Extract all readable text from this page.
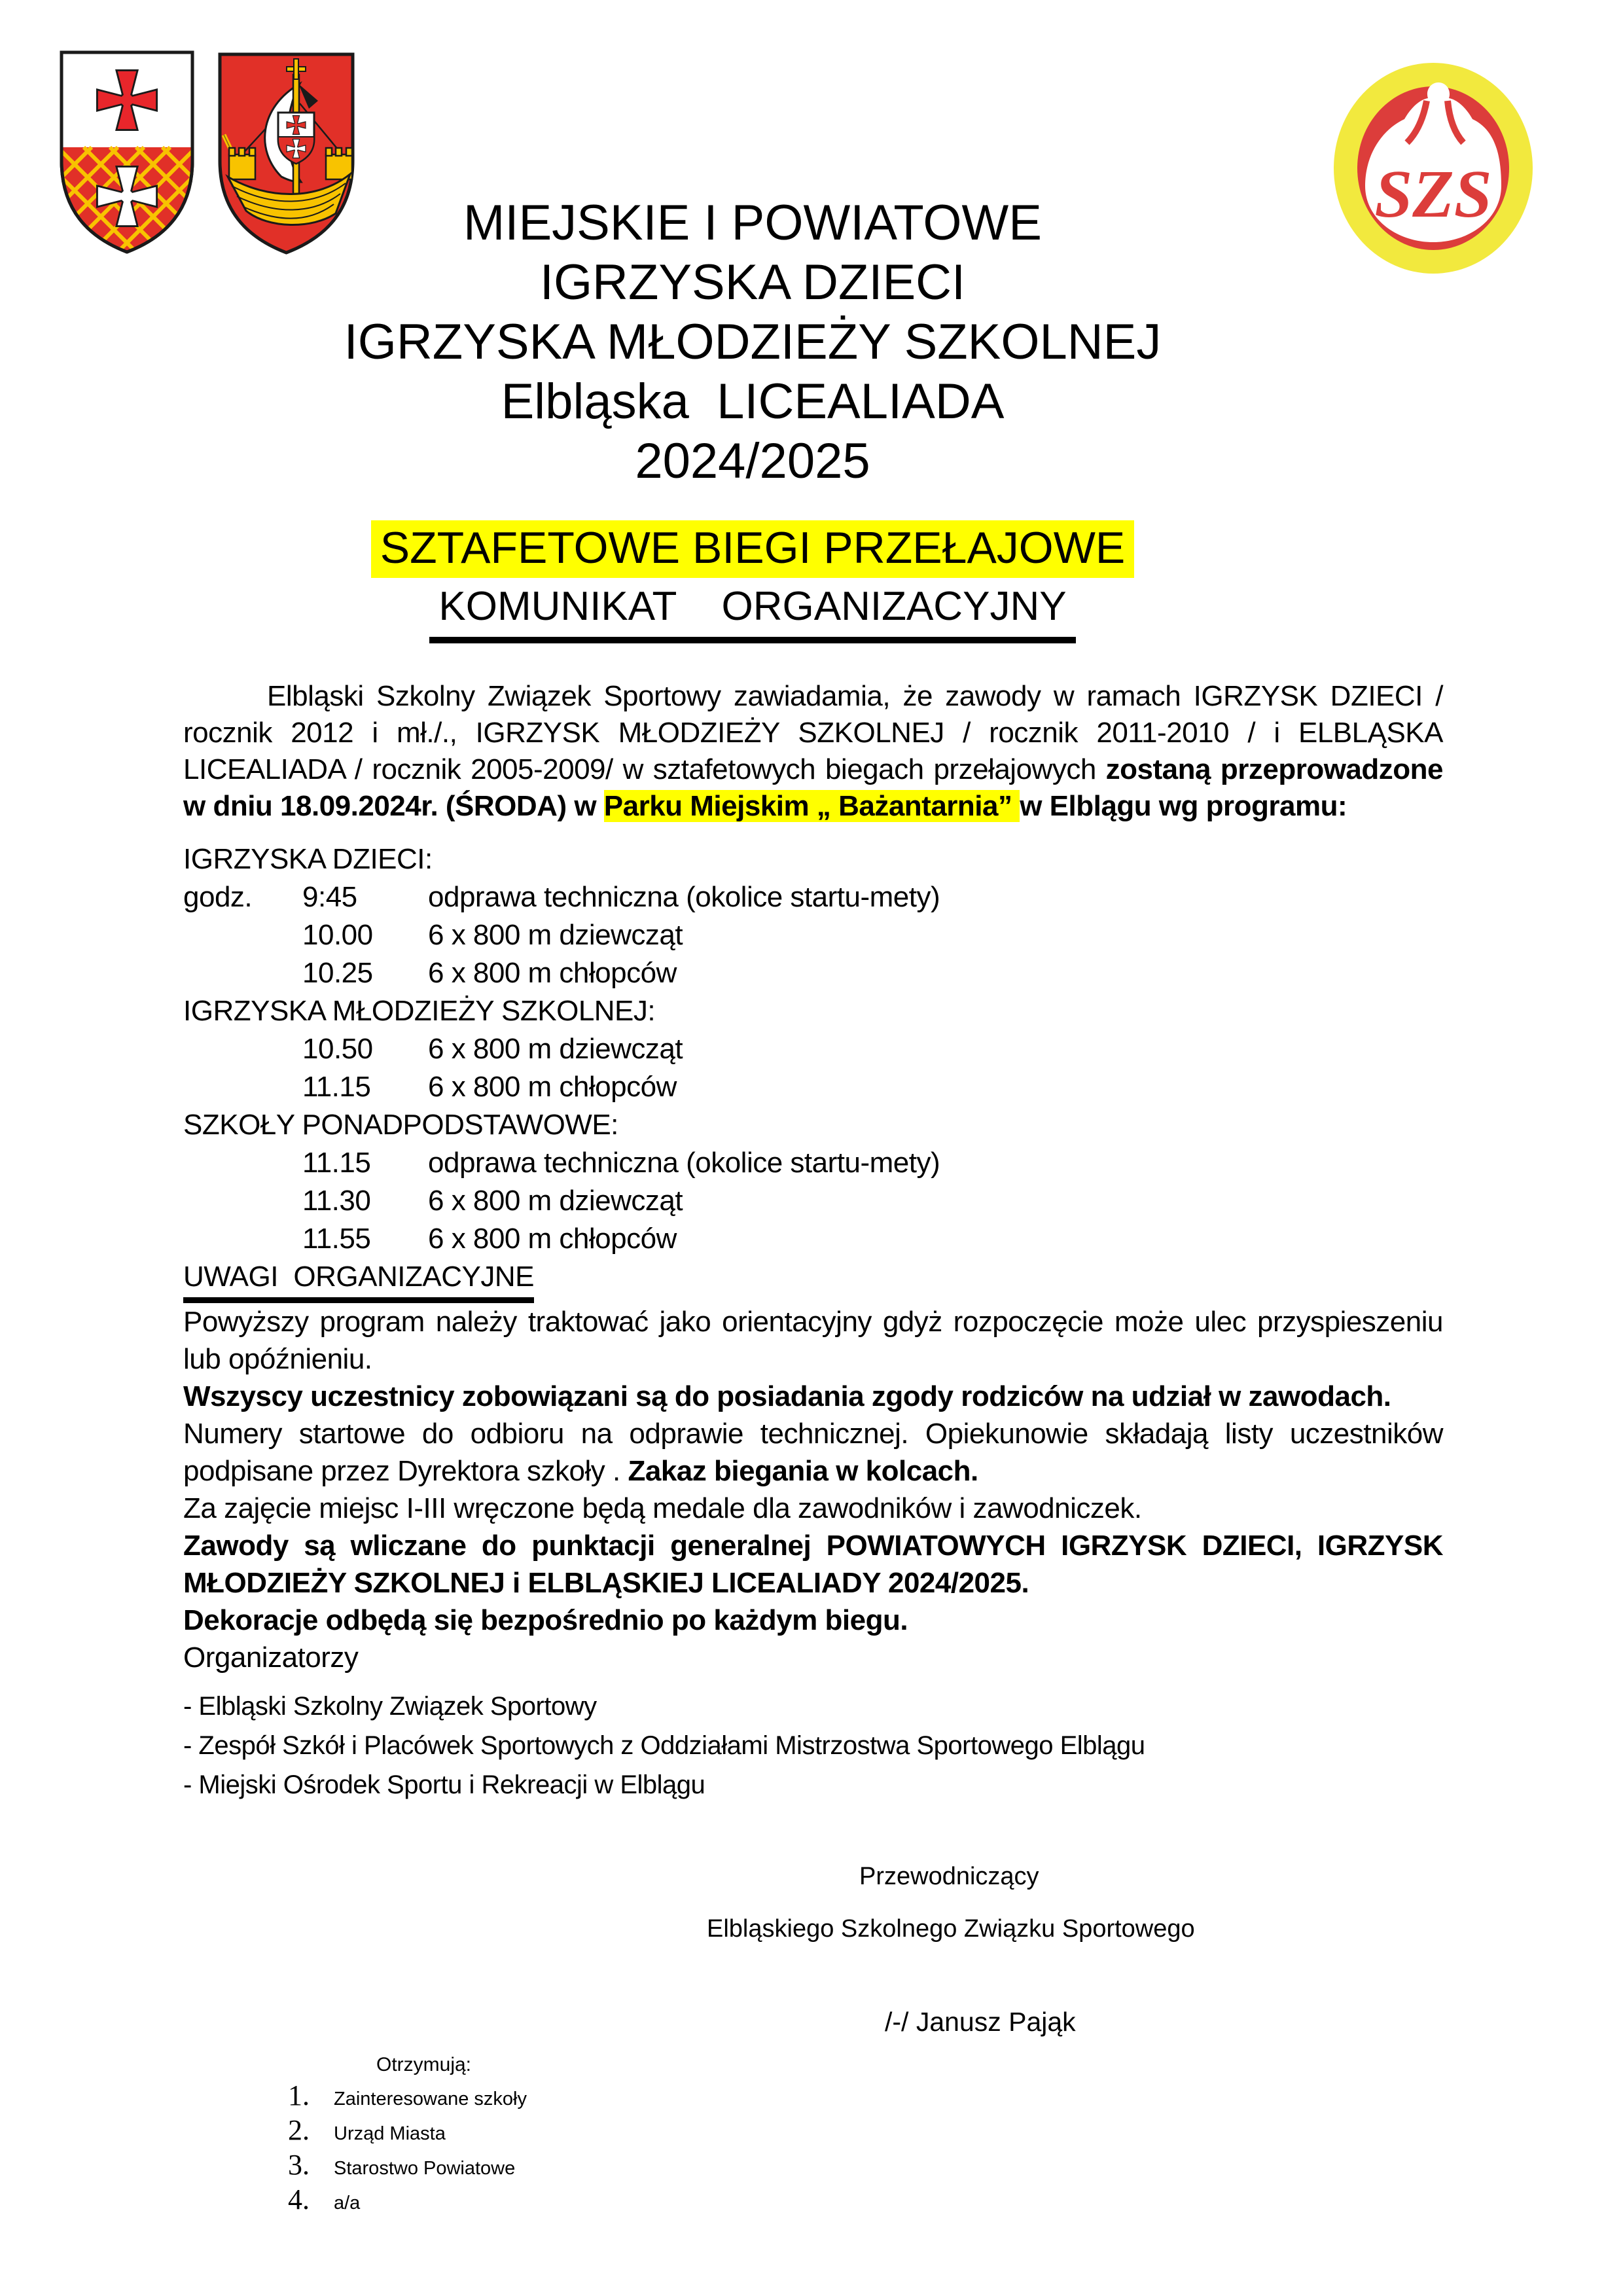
SZS
MIEJSKIE I POWIATOWE
IGRZYSKA DZIECI
IGRZYSKA MŁODZIEŻY SZKOLNEJ
Elbląska  LICEALIADA
2024/2025
SZTAFETOWE BIEGI PRZEŁAJOWE
KOMUNIKAT ORGANIZACYJNY

Elbląski Szkolny Związek Sportowy zawiadamia, że zawody w ramach IGRZYSK DZIECI / rocznik 2012 i mł./., IGRZYSK MŁODZIEŻY SZKOLNEJ / rocznik 2011-2010 / i ELBLĄSKA LICEALIADA / rocznik 2005-2009/ w sztafetowych biegach przełajowych zostaną przeprowadzone w dniu 18.09.2024r. (ŚRODA) w Parku Miejskim „ Bażantarnia” w Elblągu wg programu:

IGRZYSKA DZIECI:
godz.	9:45	odprawa techniczna (okolice startu-mety)
10.00	6 x 800 m dziewcząt
10.25	6 x 800 m chłopców
IGRZYSKA MŁODZIEŻY SZKOLNEJ:
10.50	6 x 800 m dziewcząt
11.15	6 x 800 m chłopców
SZKOŁY PONADPODSTAWOWE:
11.15	odprawa techniczna (okolice startu-mety)
11.30	6 x 800 m dziewcząt
11.55	6 x 800 m chłopców
UWAGI  ORGANIZACYJNE

Powyższy program należy traktować jako orientacyjny gdyż rozpoczęcie może ulec przyspieszeniu lub opóźnieniu.

Wszyscy uczestnicy zobowiązani są do posiadania zgody rodziców na udział w zawodach.

Numery startowe do odbioru na odprawie technicznej. Opiekunowie składają listy uczestników podpisane przez Dyrektora szkoły . Zakaz biegania w kolcach.

Za zajęcie miejsc I-III wręczone będą medale dla zawodników i zawodniczek.

Zawody są wliczane do punktacji generalnej POWIATOWYCH IGRZYSK DZIECI, IGRZYSK MŁODZIEŻY SZKOLNEJ i ELBLĄSKIEJ LICEALIADY 2024/2025.

Dekoracje odbędą się bezpośrednio po każdym biegu.

Organizatorzy
- Elbląski Szkolny Związek Sportowy
- Zespół Szkół i Placówek Sportowych z Oddziałami Mistrzostwa Sportowego Elblągu
- Miejski Ośrodek Sportu i Rekreacji w Elblągu
Przewodniczący
Elbląskiego Szkolnego Związku Sportowego
/-/ Janusz Pająk
Otrzymują:
1.	Zainteresowane szkoły
2.	Urząd Miasta
3.	Starostwo Powiatowe
4.	a/a
